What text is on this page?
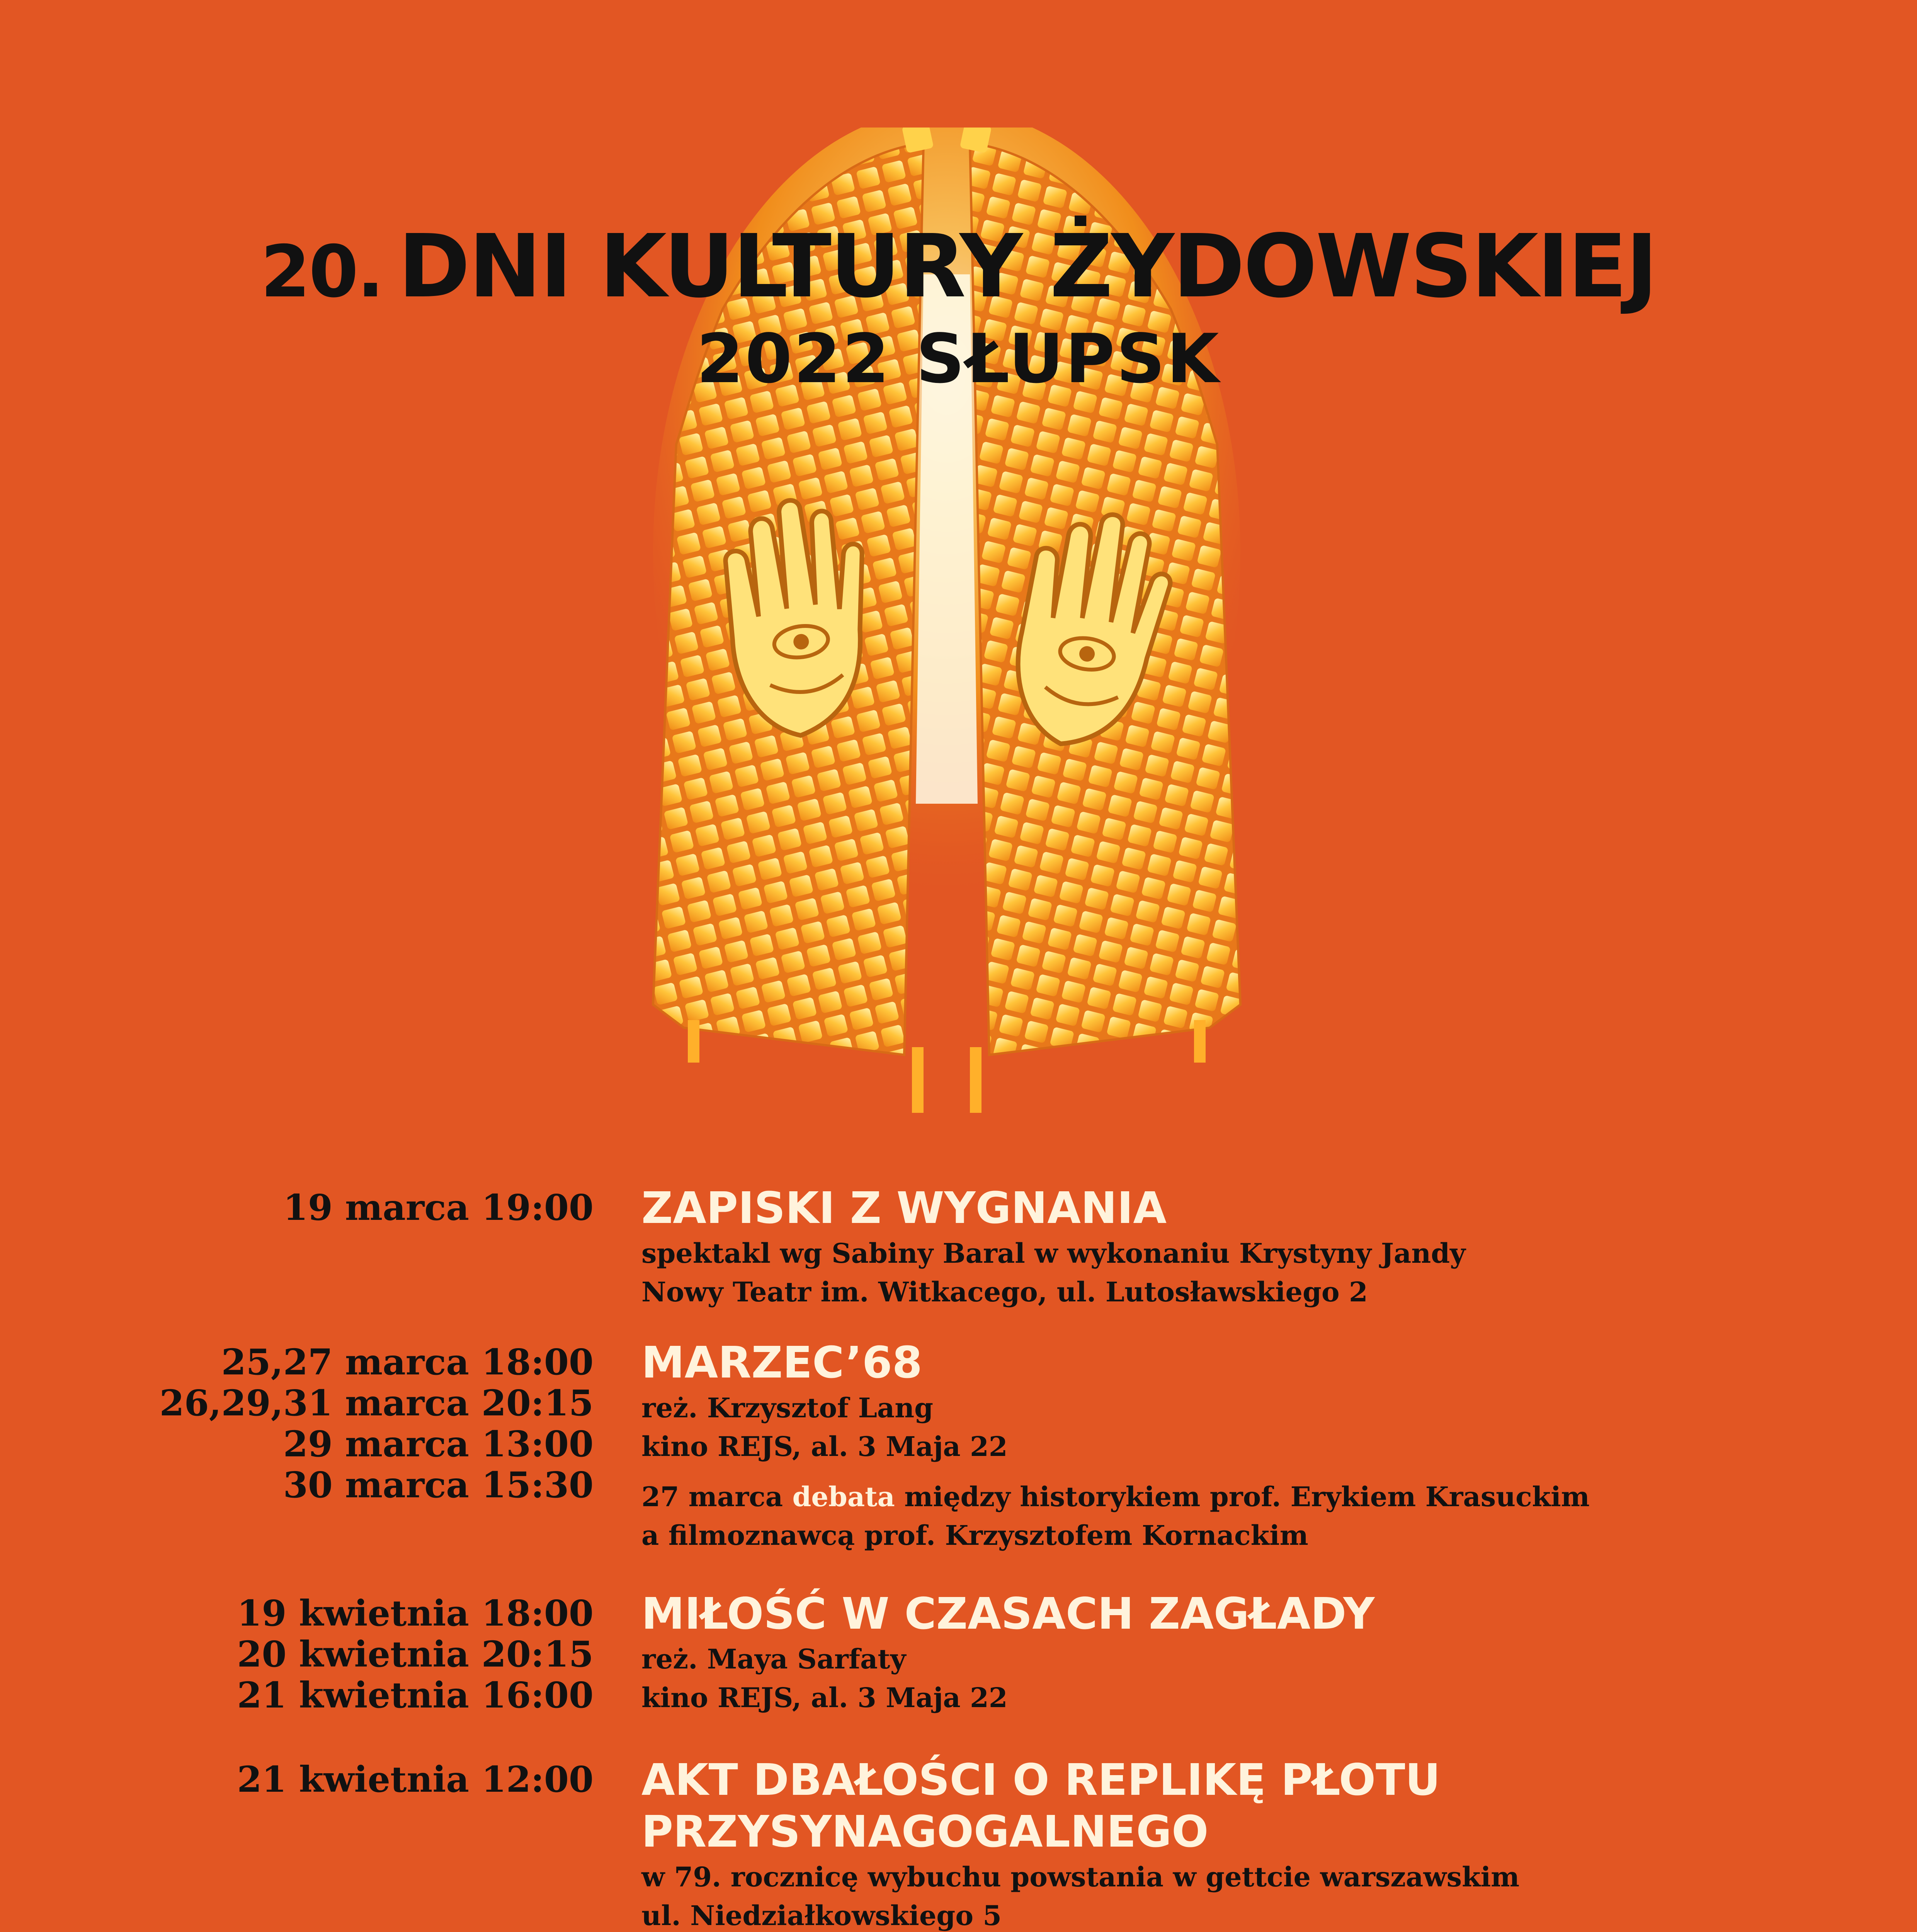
20. DNI KULTURY ŻYDOWSKIEJ
2022 SŁUPSK
19 marca 19:00 ZAPISKI Z WYGNANIA
spektakl wg Sabiny Baral w wykonaniu Krystyny Jandy
Nowy Teatr im. Witkacego, ul. Lutosławskiego 2
25,27 marca 18:00
26,29,31 marca 20:15
29 marca 13:00
30 marca 15:30
MARZEC’68
reż. Krzysztof Lang
kino REJS, al. 3 Maja 22
27 marca debata między historykiem prof. Erykiem Krasuckim
a filmoznawcą prof. Krzysztofem Kornackim
19 kwietnia 18:00
20 kwietnia 20:15
21 kwietnia 16:00
MIŁOŚĆ W CZASACH ZAGŁADY
reż. Maya Sarfaty
kino REJS, al. 3 Maja 22
21 kwietnia 12:00 AKT DBAŁOŚCI O REPLIKĘ PŁOTU
PRZYSYNAGOGALNEGO
w 79. rocznicę wybuchu powstania w gettcie warszawskim
ul. Niedziałkowskiego 5
